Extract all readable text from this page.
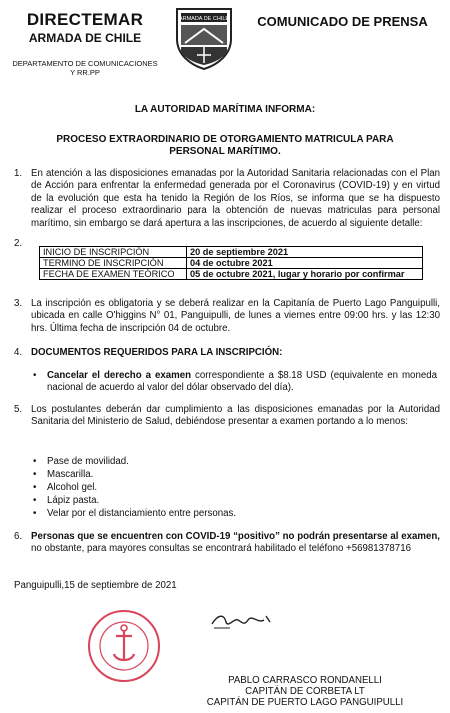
DIRECTEMAR
ARMADA DE CHILE
DEPARTAMENTO DE COMUNICACIONES
Y RR.PP
ARMADA DE CHILE	COMUNICADO DE PRENSA
LA AUTORIDAD MARÍTIMA INFORMA:
PROCESO EXTRAORDINARIO DE OTORGAMIENTO MATRICULA PARA PERSONAL MARÍTIMO.
1. En atención a las disposiciones emanadas por la Autoridad Sanitaria relacionadas con el Plan de Acción para enfrentar la enfermedad generada por el Coronavirus (COVID-19) y en virtud de la evolución que esta ha tenido la Región de los Ríos, se informa que se ha dispuesto realizar el proceso extraordinario para la obtención de nuevas matriculas para personal marítimo, sin embargo se dará apertura a las inscripciones, de acuerdo al siguiente detalle:
2.
INICIO DE INSCRIPCIÓN	20 de septiembre 2021
TERMINO DE INSCRIPCIÓN	04 de octubre 2021
FECHA DE EXAMEN TEÓRICO	05 de octubre 2021, lugar y horario por confirmar
3. La inscripción es obligatoria y se deberá realizar en la Capitanía de Puerto Lago Panguipulli, ubicada en calle O'higgins N° 01, Panguipulli, de lunes a viernes entre 09:00 hrs. y las 12:30 hrs. Última fecha de inscripción 04 de octubre.
4. DOCUMENTOS REQUERIDOS PARA LA INSCRIPCIÓN:
• Cancelar el derecho a examen correspondiente a $8.18 USD (equivalente en moneda nacional de acuerdo al valor del dólar observado del día).
5. Los postulantes deberán dar cumplimiento a las disposiciones emanadas por la Autoridad Sanitaria del Ministerio de Salud, debiéndose presentar a examen portando a lo menos:
• Pase de movilidad.
• Mascarilla.
• Alcohol gel.
• Lápiz pasta.
• Velar por el distanciamiento entre personas.
6. Personas que se encuentren con COVID-19 “positivo” no podrán presentarse al examen, no obstante, para mayores consultas se encontrará habilitado el teléfono +56981378716
Panguipulli,15 de septiembre de 2021
PABLO CARRASCO RONDANELLI
CAPITÁN DE CORBETA LT
CAPITÁN DE PUERTO LAGO PANGUIPULLI
